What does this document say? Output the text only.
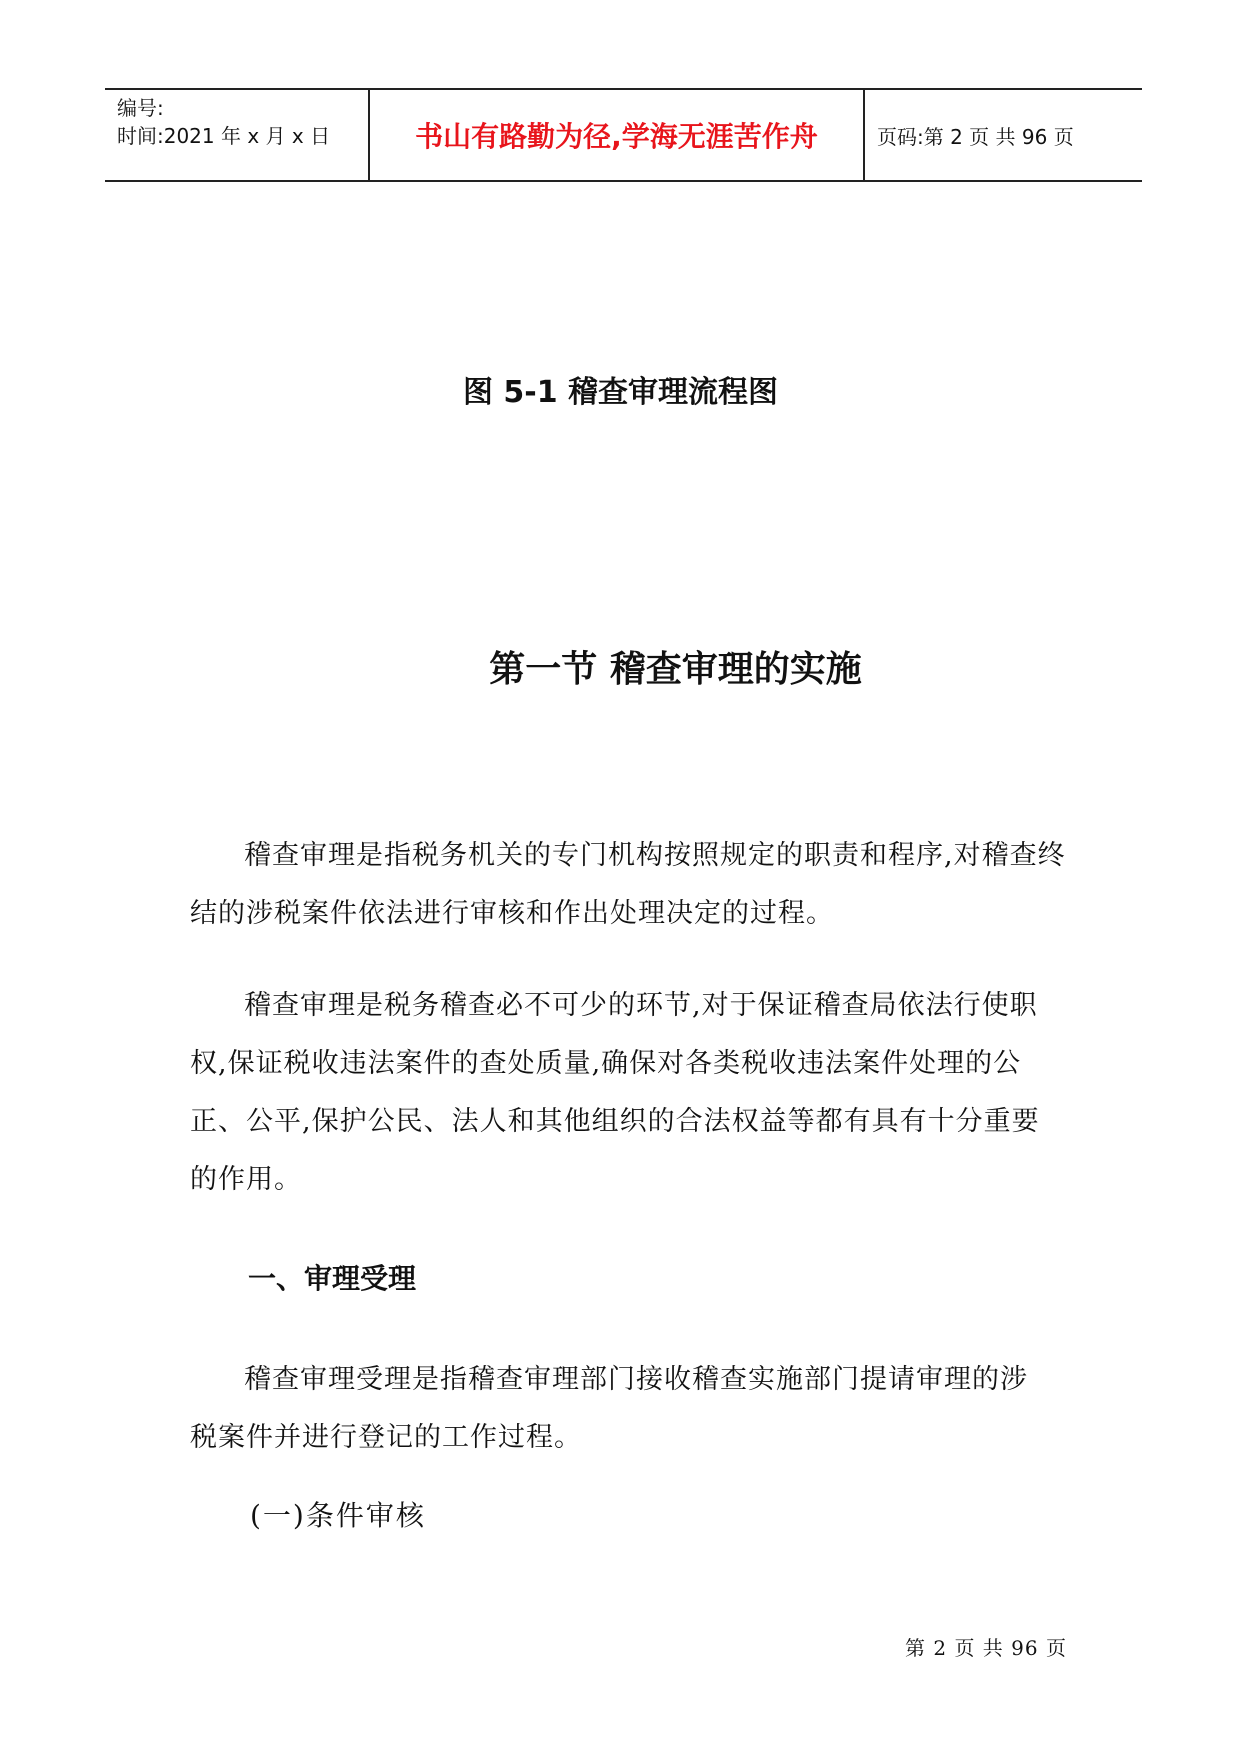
编号:
时间:2021 年 x 月 x 日	书山有路勤为径,学海无涯苦作舟	页码:第 2 页 共 96 页
图 5-1 稽查审理流程图
第一节 稽查审理的实施

稽查审理是指税务机关的专门机构按照规定的职责和程序,对稽查终结的涉税案件依法进行审核和作出处理决定的过程。

稽查审理是税务稽查必不可少的环节,对于保证稽查局依法行使职权,保证税收违法案件的查处质量,确保对各类税收违法案件处理的公正、公平,保护公民、法人和其他组织的合法权益等都有具有十分重要的作用。

一、审理受理

稽查审理受理是指稽查审理部门接收稽查实施部门提请审理的涉税案件并进行登记的工作过程。

(一)条件审核
第 2 页 共 96 页
